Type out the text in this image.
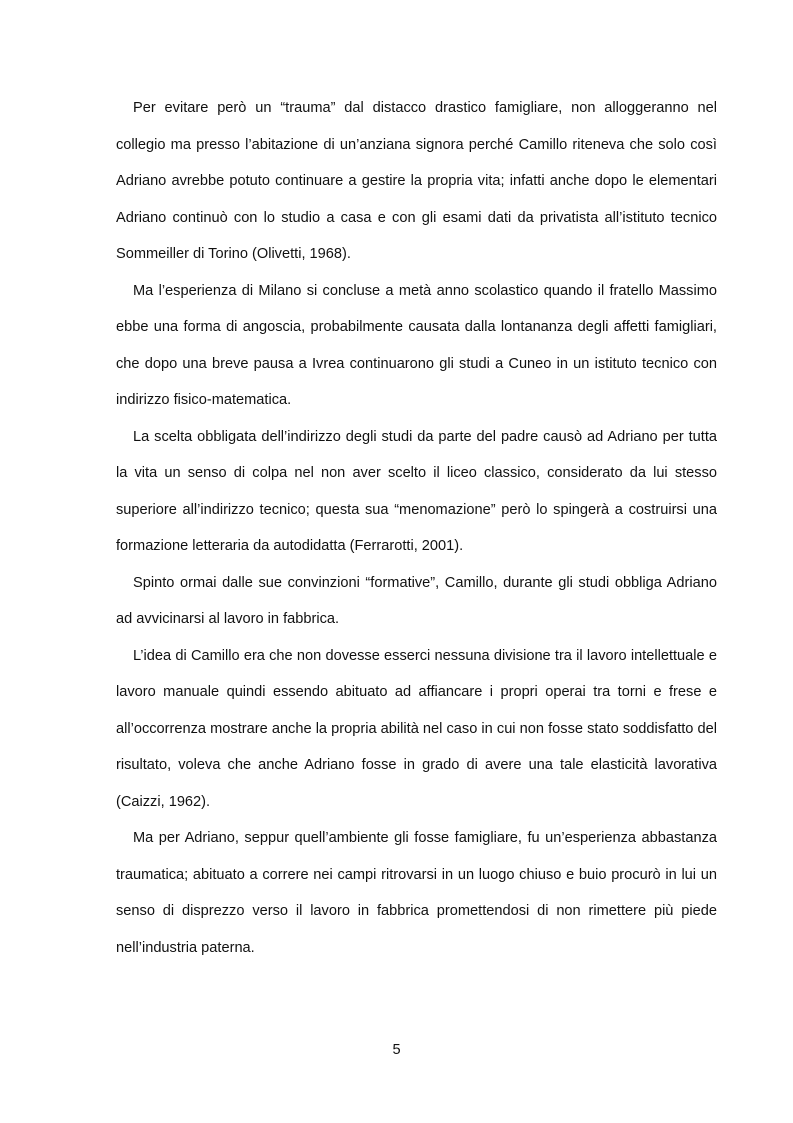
Per evitare però un “trauma” dal distacco drastico famigliare, non alloggeranno nel collegio ma presso l’abitazione di un’anziana signora perché Camillo riteneva che solo così Adriano avrebbe potuto continuare a gestire la propria vita; infatti anche dopo le elementari Adriano continuò con lo studio a casa e con gli esami dati da privatista all’istituto tecnico Sommeiller di Torino (Olivetti, 1968).

Ma l’esperienza di Milano si concluse a metà anno scolastico quando il fratello Massimo ebbe una forma di angoscia, probabilmente causata dalla lontananza degli affetti famigliari, che dopo una breve pausa a Ivrea continuarono gli studi a Cuneo in un istituto tecnico con indirizzo fisico-matematica.

La scelta obbligata dell’indirizzo degli studi da parte del padre causò ad Adriano per tutta la vita un senso di colpa nel non aver scelto il liceo classico, considerato da lui stesso superiore all’indirizzo tecnico; questa sua “menomazione” però lo spingerà a costruirsi una formazione letteraria da autodidatta (Ferrarotti, 2001).

Spinto ormai dalle sue convinzioni “formative”, Camillo, durante gli studi obbliga Adriano ad avvicinarsi al lavoro in fabbrica.

L’idea di Camillo era che non dovesse esserci nessuna divisione tra il lavoro intellettuale e lavoro manuale quindi essendo abituato ad affiancare i propri operai tra torni e frese e all’occorrenza mostrare anche la propria abilità nel caso in cui non fosse stato soddisfatto del risultato, voleva che anche Adriano fosse in grado di avere una tale elasticità lavorativa (Caizzi, 1962).

Ma per Adriano, seppur quell’ambiente gli fosse famigliare, fu un’esperienza abbastanza traumatica; abituato a correre nei campi ritrovarsi in un luogo chiuso e buio procurò in lui un senso di disprezzo verso il lavoro in fabbrica promettendosi di non rimettere più piede nell’industria paterna.

5
